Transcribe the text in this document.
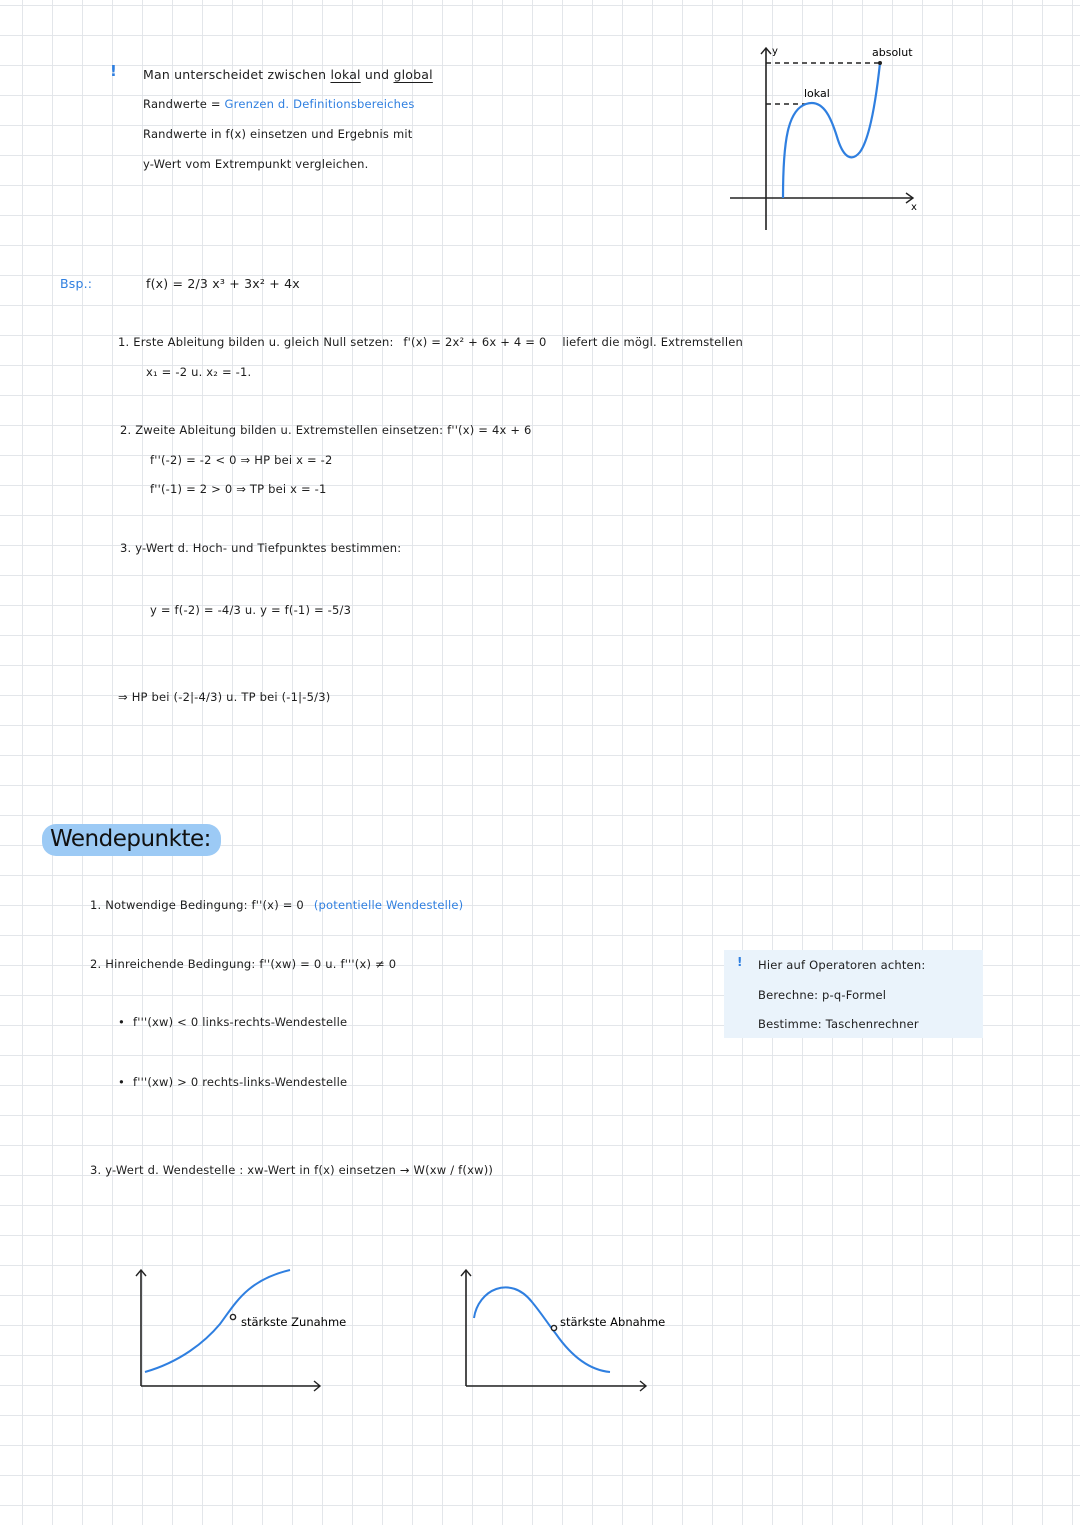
! Man unterscheidet zwischen lokal und global
Randwerte = Grenzen d. Definitionsbereiches
Randwerte in f(x) einsetzen und Ergebnis mit
y-Wert vom Extrempunkt vergleichen.
y
x
lokal
absolut
Bsp.:	f(x) = 2/3 x³ + 3x² + 4x
1. Erste Ableitung bilden u. gleich Null setzen: f'(x) = 2x² + 6x + 4 = 0 liefert die mögl. Extremstellen
x₁ = -2 u. x₂ = -1.
2. Zweite Ableitung bilden u. Extremstellen einsetzen: f''(x) = 4x + 6
f''(-2) = -2 < 0 ⇒ HP bei x = -2
f''(-1) = 2 > 0 ⇒ TP bei x = -1
3. y-Wert d. Hoch- und Tiefpunktes bestimmen:
y = f(-2) = -4/3 u. y = f(-1) = -5/3
⇒ HP bei (-2|-4/3) u. TP bei (-1|-5/3)
Wendepunkte:
1. Notwendige Bedingung: f''(x) = 0 (potentielle Wendestelle)
2. Hinreichende Bedingung: f''(xw) = 0 u. f'''(x) ≠ 0
• f'''(xw) < 0 links-rechts-Wendestelle
• f'''(xw) > 0 rechts-links-Wendestelle
3. y-Wert d. Wendestelle : xw-Wert in f(x) einsetzen → W(xw / f(xw))
! Hier auf Operatoren achten:
Berechne: p-q-Formel
Bestimme: Taschenrechner
stärkste Zunahme	stärkste Abnahme
